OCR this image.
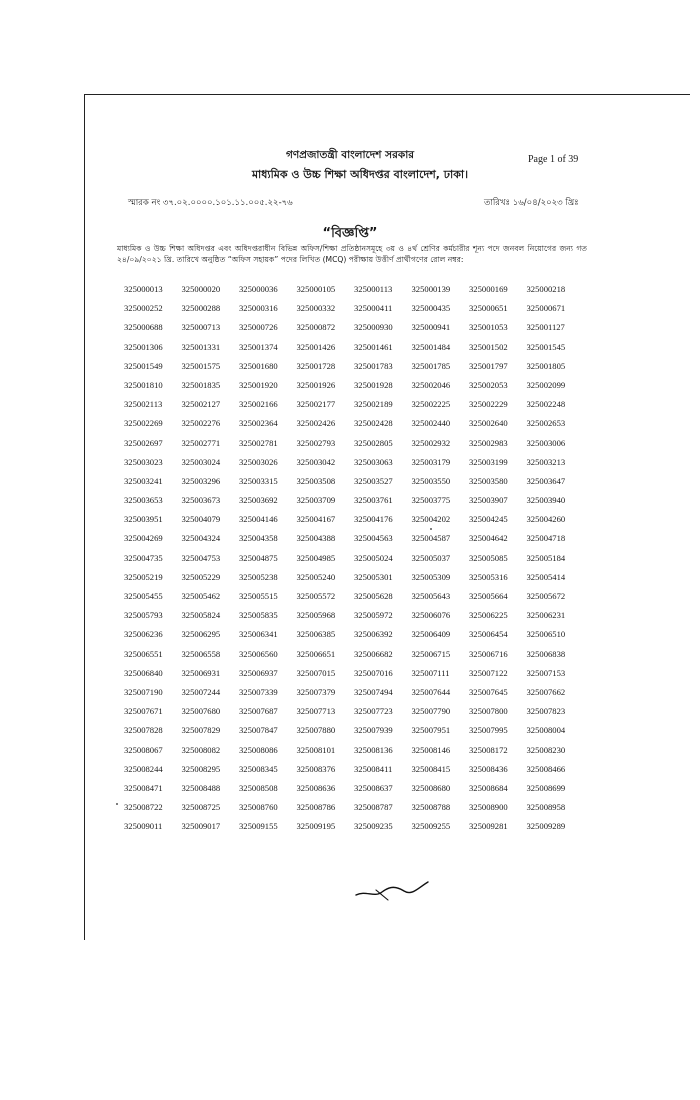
গণপ্রজাতন্ত্রী বাংলাদেশ সরকার
মাধ্যমিক ও উচ্চ শিক্ষা অধিদপ্তর বাংলাদেশ, ঢাকা।
Page 1 of 39
স্মারক নং ৩৭.০২.০০০০.১০১.১১.০০৫.২২-৭৬	তারিখঃ ১৬/০৪/২০২৩ খ্রিঃ
“বিজ্ঞপ্তি”
মাধ্যমিক ও উচ্চ শিক্ষা অধিদপ্তর এবং অধিদপ্তরাধীন বিভিন্ন অফিস/শিক্ষা প্রতিষ্ঠানসমূহে ৩য় ও ৪র্থ শ্রেণির কর্মচারীর শূন্য পদে জনবল নিয়োগের জন্য গত ২৪/০৯/২০২১ খ্রি. তারিখে অনুষ্ঠিত “অফিস সহায়ক” পদের লিখিত (MCQ) পরীক্ষায় উত্তীর্ণ প্রার্থীগণের রোল নম্বর:
325000013	325000020	325000036	325000105	325000113	325000139	325000169	325000218
325000252	325000288	325000316	325000332	325000411	325000435	325000651	325000671
325000688	325000713	325000726	325000872	325000930	325000941	325001053	325001127
325001306	325001331	325001374	325001426	325001461	325001484	325001502	325001545
325001549	325001575	325001680	325001728	325001783	325001785	325001797	325001805
325001810	325001835	325001920	325001926	325001928	325002046	325002053	325002099
325002113	325002127	325002166	325002177	325002189	325002225	325002229	325002248
325002269	325002276	325002364	325002426	325002428	325002440	325002640	325002653
325002697	325002771	325002781	325002793	325002805	325002932	325002983	325003006
325003023	325003024	325003026	325003042	325003063	325003179	325003199	325003213
325003241	325003296	325003315	325003508	325003527	325003550	325003580	325003647
325003653	325003673	325003692	325003709	325003761	325003775	325003907	325003940
325003951	325004079	325004146	325004167	325004176	325004202	325004245	325004260
325004269	325004324	325004358	325004388	325004563	325004587	325004642	325004718
325004735	325004753	325004875	325004985	325005024	325005037	325005085	325005184
325005219	325005229	325005238	325005240	325005301	325005309	325005316	325005414
325005455	325005462	325005515	325005572	325005628	325005643	325005664	325005672
325005793	325005824	325005835	325005968	325005972	325006076	325006225	325006231
325006236	325006295	325006341	325006385	325006392	325006409	325006454	325006510
325006551	325006558	325006560	325006651	325006682	325006715	325006716	325006838
325006840	325006931	325006937	325007015	325007016	325007111	325007122	325007153
325007190	325007244	325007339	325007379	325007494	325007644	325007645	325007662
325007671	325007680	325007687	325007713	325007723	325007790	325007800	325007823
325007828	325007829	325007847	325007880	325007939	325007951	325007995	325008004
325008067	325008082	325008086	325008101	325008136	325008146	325008172	325008230
325008244	325008295	325008345	325008376	325008411	325008415	325008436	325008466
325008471	325008488	325008508	325008636	325008637	325008680	325008684	325008699
325008722	325008725	325008760	325008786	325008787	325008788	325008900	325008958
325009011	325009017	325009155	325009195	325009235	325009255	325009281	325009289
